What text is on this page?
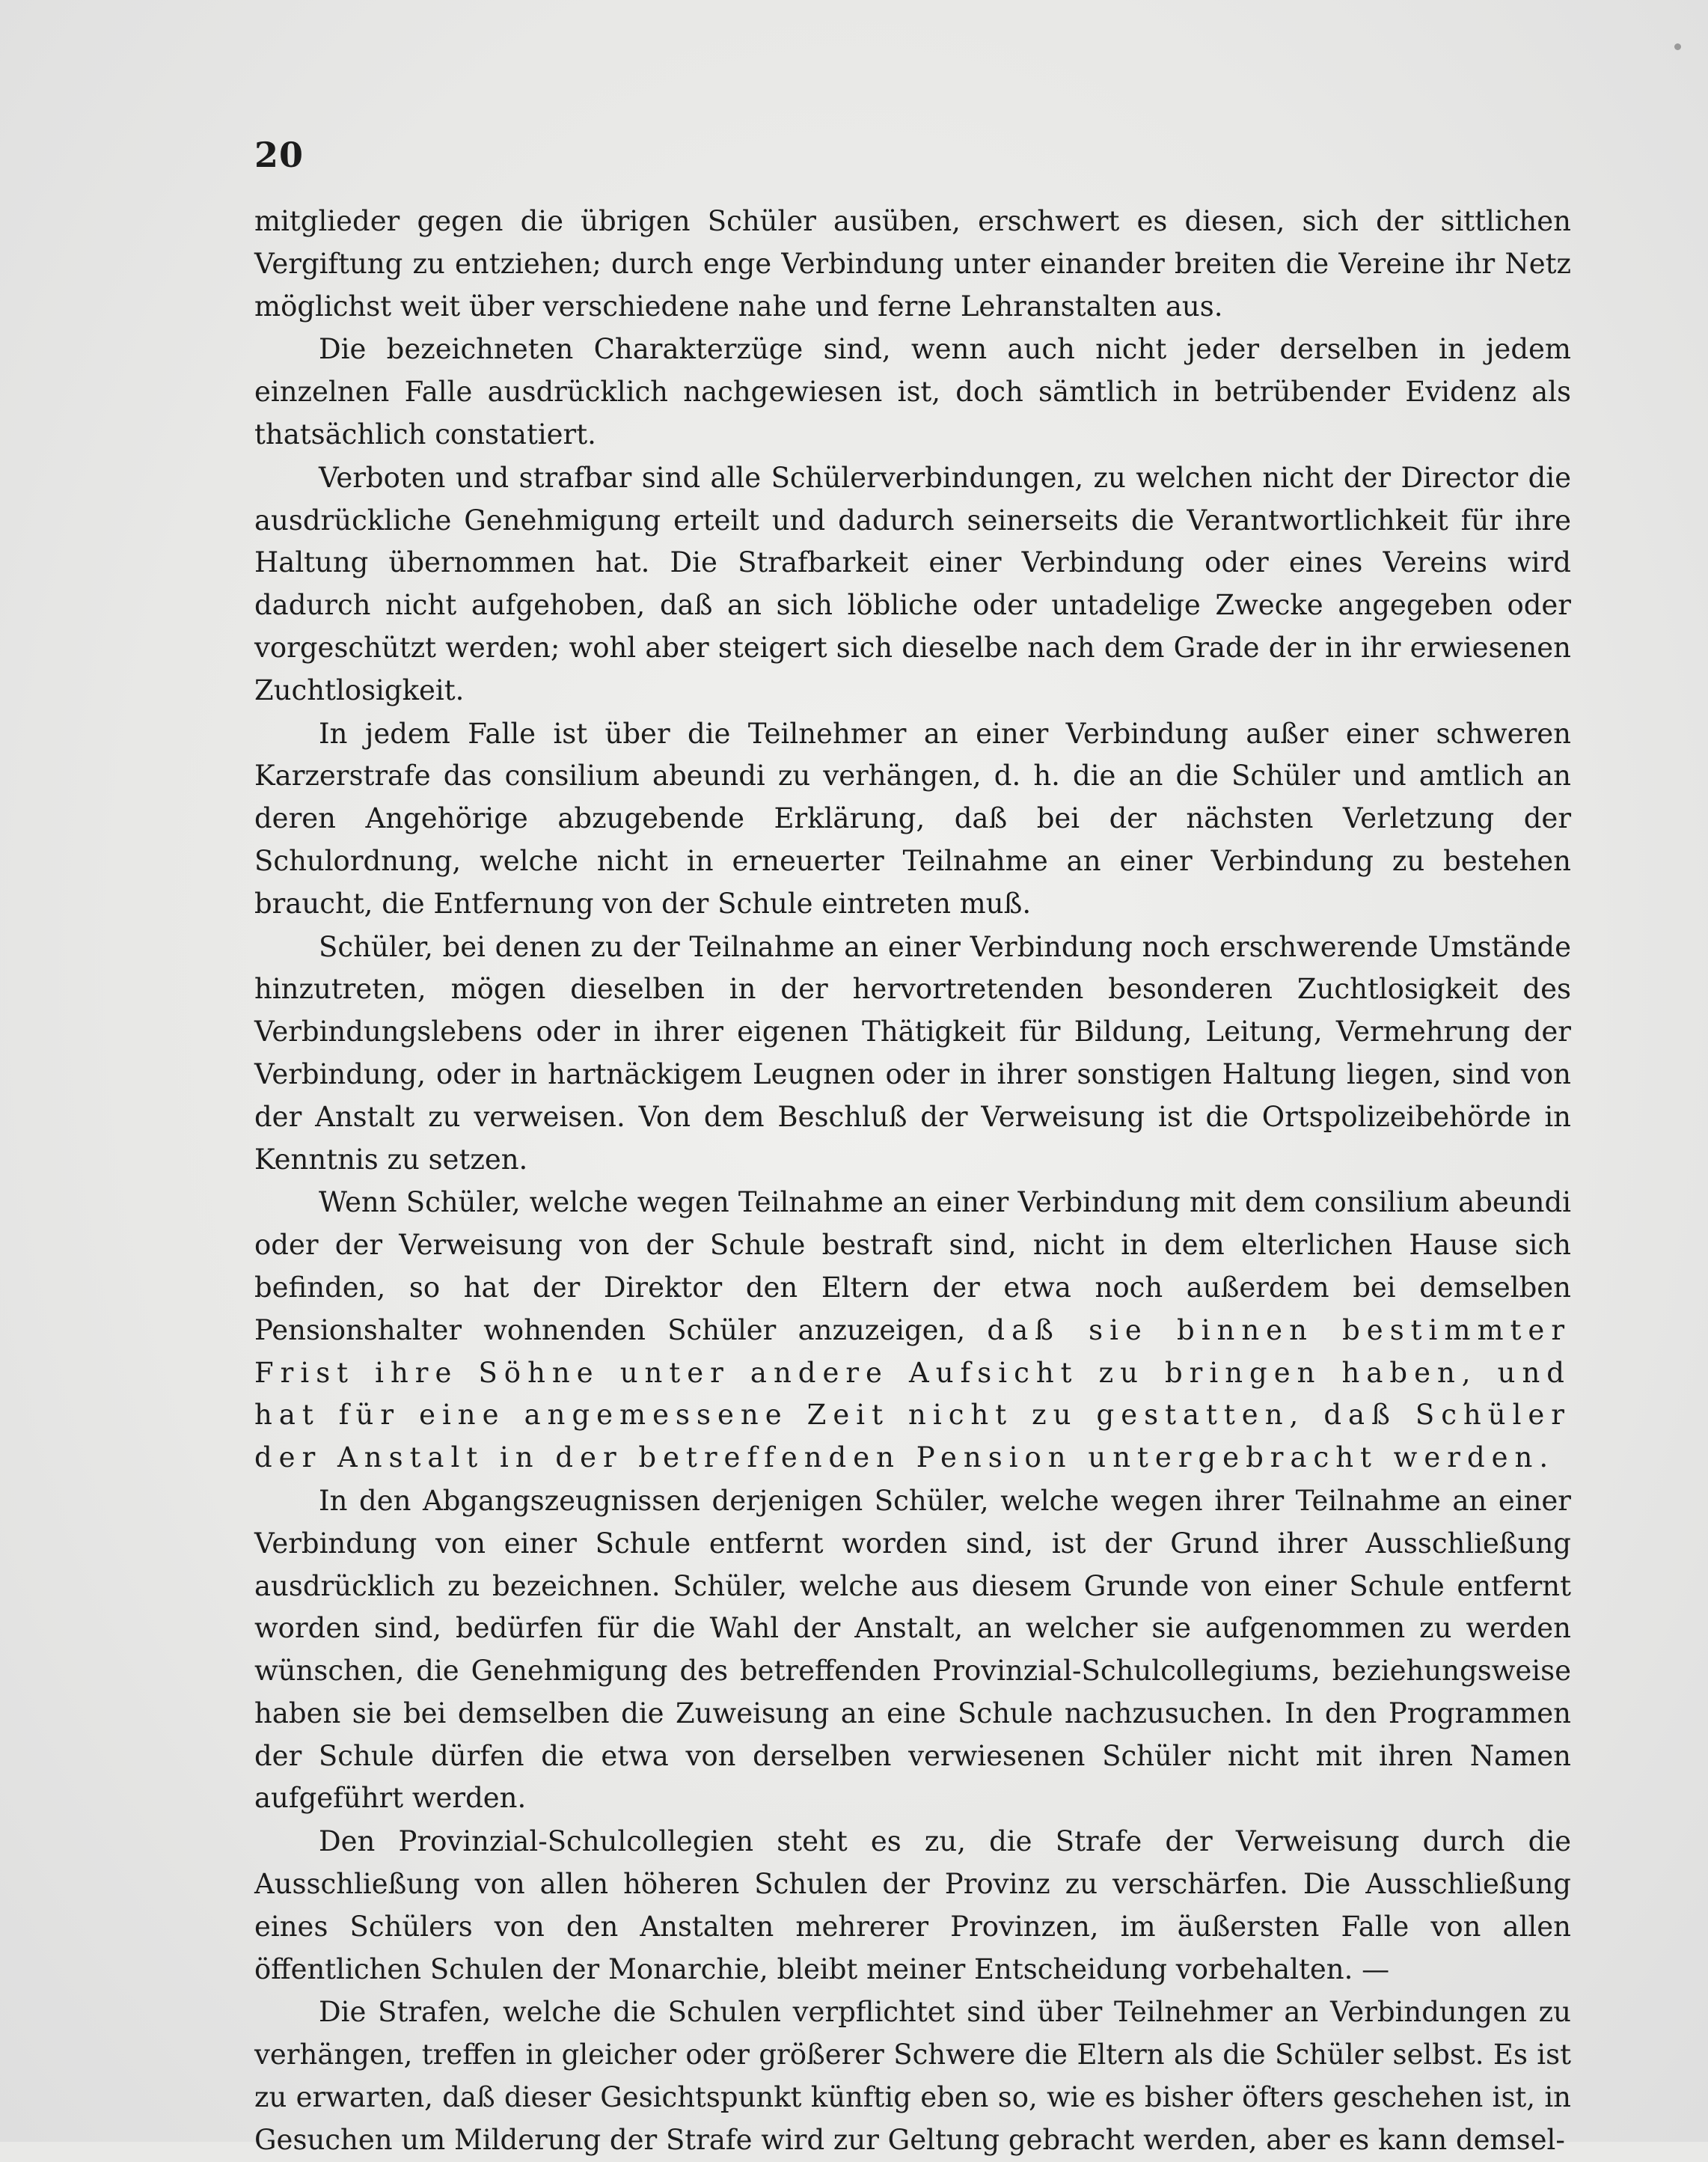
20

mitglieder gegen die übrigen Schüler ausüben, erschwert es diesen, sich der sittlichen Vergiftung zu entziehen; durch enge Verbindung unter einander breiten die Vereine ihr Netz möglichst weit über verschiedene nahe und ferne Lehranstalten aus.

Die bezeichneten Charakterzüge sind, wenn auch nicht jeder derselben in jedem einzelnen Falle ausdrücklich nachgewiesen ist, doch sämtlich in betrübender Evidenz als thatsächlich constatiert.

Verboten und strafbar sind alle Schülerverbindungen, zu welchen nicht der Director die ausdrückliche Genehmigung erteilt und dadurch seinerseits die Verantwortlichkeit für ihre Haltung übernommen hat. Die Strafbarkeit einer Verbindung oder eines Vereins wird dadurch nicht aufgehoben, daß an sich löbliche oder untadelige Zwecke angegeben oder vorgeschützt werden; wohl aber steigert sich dieselbe nach dem Grade der in ihr erwiesenen Zuchtlosigkeit.

In jedem Falle ist über die Teilnehmer an einer Verbindung außer einer schweren Karzerstrafe das consilium abeundi zu verhängen, d. h. die an die Schüler und amtlich an deren Angehörige abzugebende Erklärung, daß bei der nächsten Verletzung der Schulordnung, welche nicht in erneuerter Teilnahme an einer Verbindung zu bestehen braucht, die Entfernung von der Schule eintreten muß.

Schüler, bei denen zu der Teilnahme an einer Verbindung noch erschwerende Umstände hinzutreten, mögen dieselben in der hervortretenden besonderen Zuchtlosigkeit des Verbindungslebens oder in ihrer eigenen Thätigkeit für Bildung, Leitung, Vermehrung der Verbindung, oder in hartnäckigem Leugnen oder in ihrer sonstigen Haltung liegen, sind von der Anstalt zu verweisen. Von dem Beschluß der Verweisung ist die Ortspolizeibehörde in Kenntnis zu setzen.

Wenn Schüler, welche wegen Teilnahme an einer Verbindung mit dem consilium abeundi oder der Verweisung von der Schule bestraft sind, nicht in dem elterlichen Hause sich befinden, so hat der Direktor den Eltern der etwa noch außerdem bei demselben Pensionshalter wohnenden Schüler anzuzeigen, daß sie binnen bestimmter Frist ihre Söhne unter andere Aufsicht zu bringen haben, und hat für eine angemessene Zeit nicht zu gestatten, daß Schüler der Anstalt in der betreffenden Pension untergebracht werden.

In den Abgangszeugnissen derjenigen Schüler, welche wegen ihrer Teilnahme an einer Verbindung von einer Schule entfernt worden sind, ist der Grund ihrer Ausschließung ausdrücklich zu bezeichnen. Schüler, welche aus diesem Grunde von einer Schule entfernt worden sind, bedürfen für die Wahl der Anstalt, an welcher sie aufgenommen zu werden wünschen, die Genehmigung des betreffenden Provinzial-Schulcollegiums, beziehungsweise haben sie bei demselben die Zuweisung an eine Schule nachzusuchen. In den Programmen der Schule dürfen die etwa von derselben verwiesenen Schüler nicht mit ihren Namen aufgeführt werden.

Den Provinzial-Schulcollegien steht es zu, die Strafe der Verweisung durch die Ausschließung von allen höheren Schulen der Provinz zu verschärfen. Die Ausschließung eines Schülers von den Anstalten mehrerer Provinzen, im äußersten Falle von allen öffentlichen Schulen der Monarchie, bleibt meiner Entscheidung vorbehalten. —

Die Strafen, welche die Schulen verpflichtet sind über Teilnehmer an Verbindungen zu verhängen, treffen in gleicher oder größerer Schwere die Eltern als die Schüler selbst. Es ist zu erwarten, daß dieser Gesichtspunkt künftig eben so, wie es bisher öfters geschehen ist, in Gesuchen um Milderung der Strafe wird zur Geltung gebracht werden, aber es kann demsel-
